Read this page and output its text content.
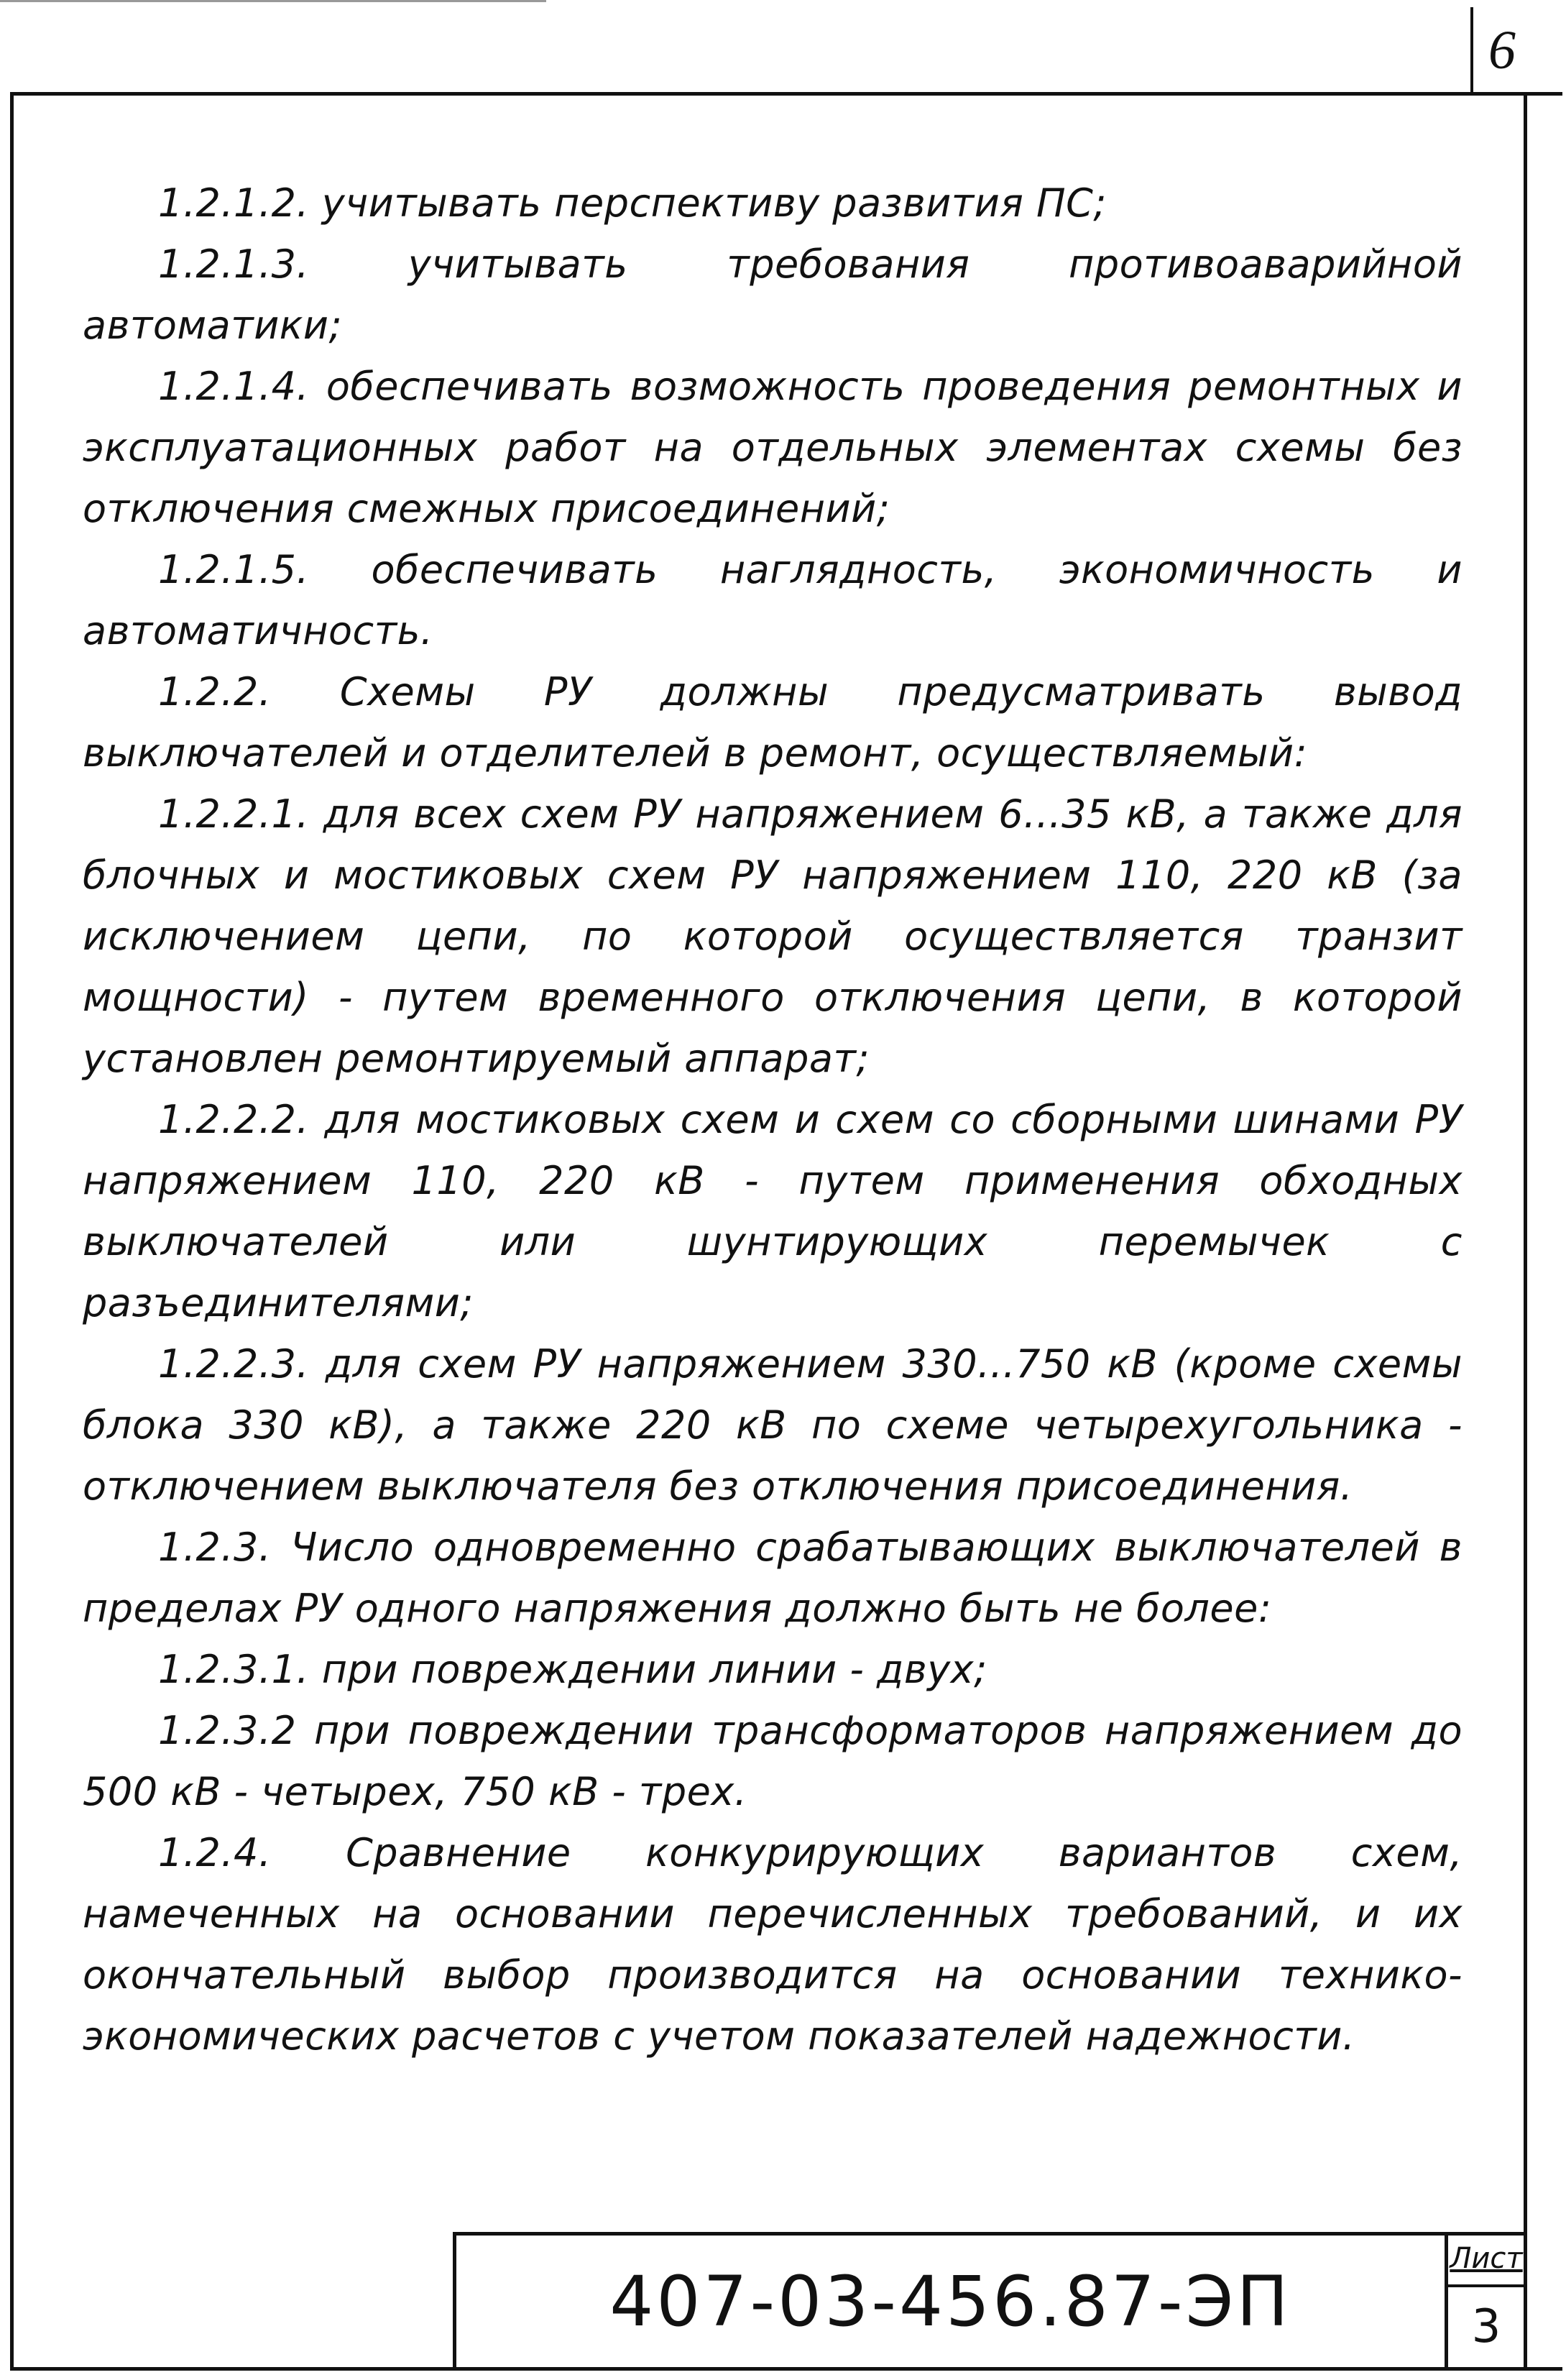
6

1.2.1.2. учитывать перспективу развития ПС;

1.2.1.3. учитывать требования противоаварийной автоматики;

1.2.1.4. обеспечивать возможность проведения ремонтных и эксплуатационных работ на отдельных элементах схемы без отключения смежных присоединений;

1.2.1.5. обеспечивать наглядность, экономичность и автоматичность.

1.2.2. Схемы РУ должны предусматривать вывод выключателей и отделителей в ремонт, осуществляемый:

1.2.2.1. для всех схем РУ напряжением 6...35 кВ, а также для блочных и мостиковых схем РУ напряжением 110, 220 кВ (за исключением цепи, по которой осуществляется транзит мощности) - путем временного отключения цепи, в которой установлен ремонтируемый аппарат;

1.2.2.2. для мостиковых схем и схем со сборными шинами РУ напряжением 110, 220 кВ - путем применения обходных выключателей или шунтирующих перемычек с разъединителями;

1.2.2.3. для схем РУ напряжением 330...750 кВ (кроме схемы блока 330 кВ), а также 220 кВ по схеме четырехугольника - отключением выключателя без отключения присоединения.

1.2.3. Число одновременно срабатывающих выключателей в пределах РУ одного напряжения должно быть не более:

1.2.3.1. при повреждении линии - двух;

1.2.3.2 при повреждении трансформаторов напряжением до 500 кВ - четырех, 750 кВ - трех.

1.2.4. Сравнение конкурирующих вариантов схем, намеченных на основании перечисленных требований, и их окончательный выбор производится на основании технико-экономических расчетов с учетом показателей надежности.

407-03-456.87-ЭП
Лист
3
